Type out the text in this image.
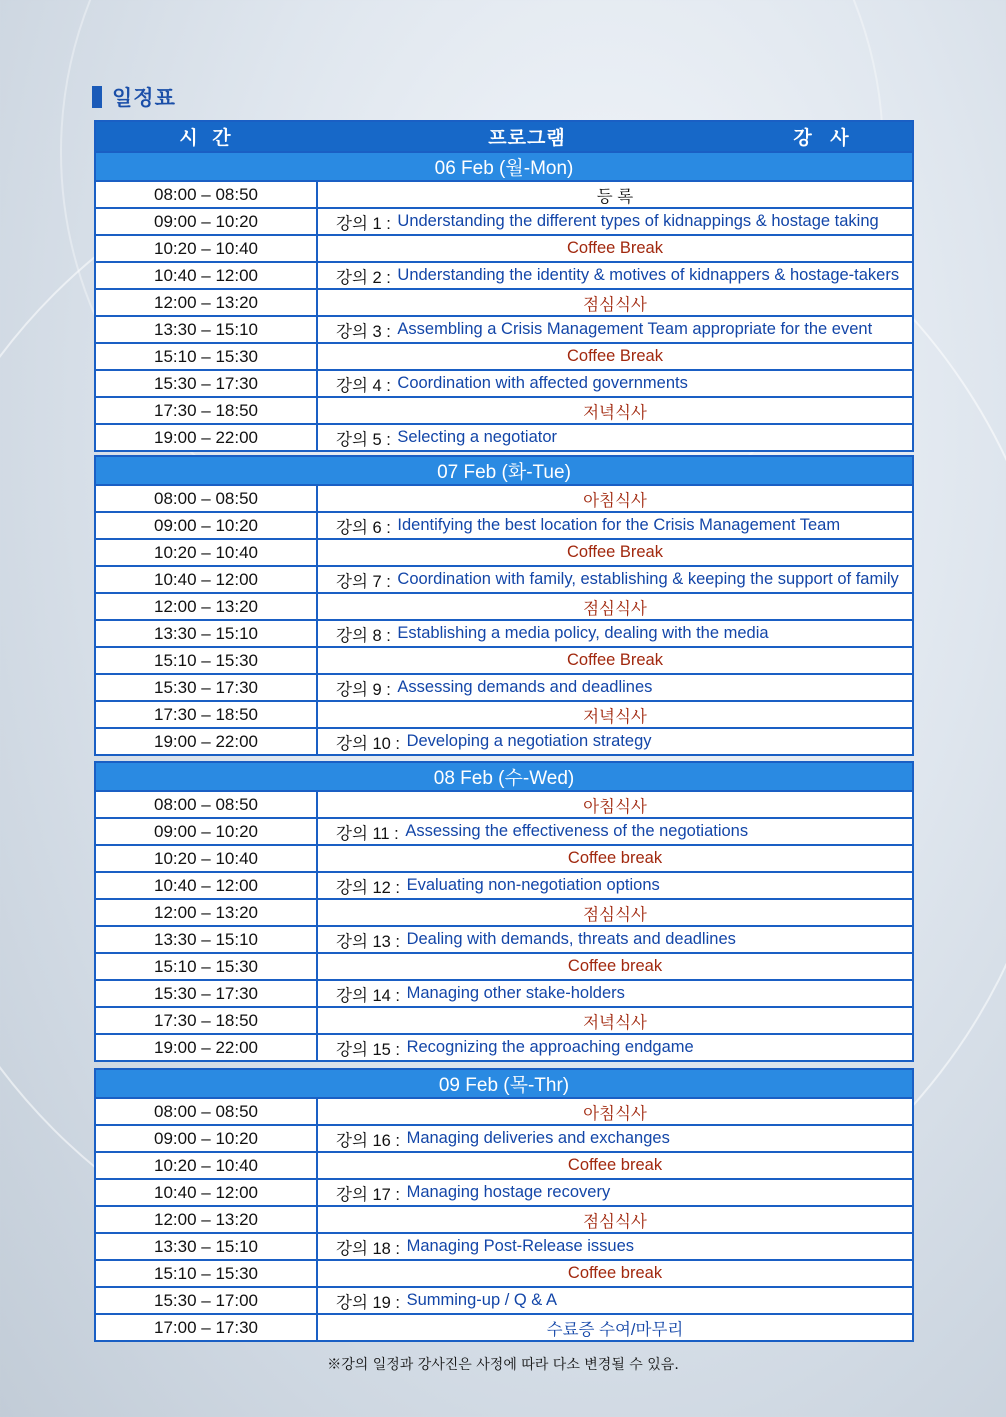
일정표
시 간	프로그램	강 사
06 Feb (월-Mon)
08:00 – 08:50	등 록
09:00 – 10:20	강의 1 :
Understanding the different types of kidnappings & hostage taking
10:20 – 10:40	Coffee Break
10:40 – 12:00	강의 2 :
Understanding the identity & motives of kidnappers & hostage-takers
12:00 – 13:20	점심식사
13:30 – 15:10	강의 3 :
Assembling a Crisis Management Team appropriate for the event
15:10 – 15:30	Coffee Break
15:30 – 17:30	강의 4 :
Coordination with affected governments
17:30 – 18:50	저녁식사
19:00 – 22:00	강의 5 :
Selecting a negotiator
07 Feb (화-Tue)
08:00 – 08:50	아침식사
09:00 – 10:20	강의 6 :
Identifying the best location for the Crisis Management Team
10:20 – 10:40	Coffee Break
10:40 – 12:00	강의 7 :
Coordination with family, establishing & keeping the support of family
12:00 – 13:20	점심식사
13:30 – 15:10	강의 8 :
Establishing a media policy, dealing with the media
15:10 – 15:30	Coffee Break
15:30 – 17:30	강의 9 :
Assessing demands and deadlines
17:30 – 18:50	저녁식사
19:00 – 22:00	강의 10 :
Developing a negotiation strategy
08 Feb (수-Wed)
08:00 – 08:50	아침식사
09:00 – 10:20	강의 11 :
Assessing the effectiveness of the negotiations
10:20 – 10:40	Coffee break
10:40 – 12:00	강의 12 :
Evaluating non-negotiation options
12:00 – 13:20	점심식사
13:30 – 15:10	강의 13 :
Dealing with demands, threats and deadlines
15:10 – 15:30	Coffee break
15:30 – 17:30	강의 14 :
Managing other stake-holders
17:30 – 18:50	저녁식사
19:00 – 22:00	강의 15 :
Recognizing the approaching endgame
09 Feb (목-Thr)
08:00 – 08:50	아침식사
09:00 – 10:20	강의 16 :
Managing deliveries and exchanges
10:20 – 10:40	Coffee break
10:40 – 12:00	강의 17 :
Managing hostage recovery
12:00 – 13:20	점심식사
13:30 – 15:10	강의 18 :
Managing Post-Release issues
15:10 – 15:30	Coffee break
15:30 – 17:00	강의 19 :
Summing-up / Q & A
17:00 – 17:30	수료증 수여/마무리
※강의 일정과 강사진은 사정에 따라 다소 변경될 수 있음.
